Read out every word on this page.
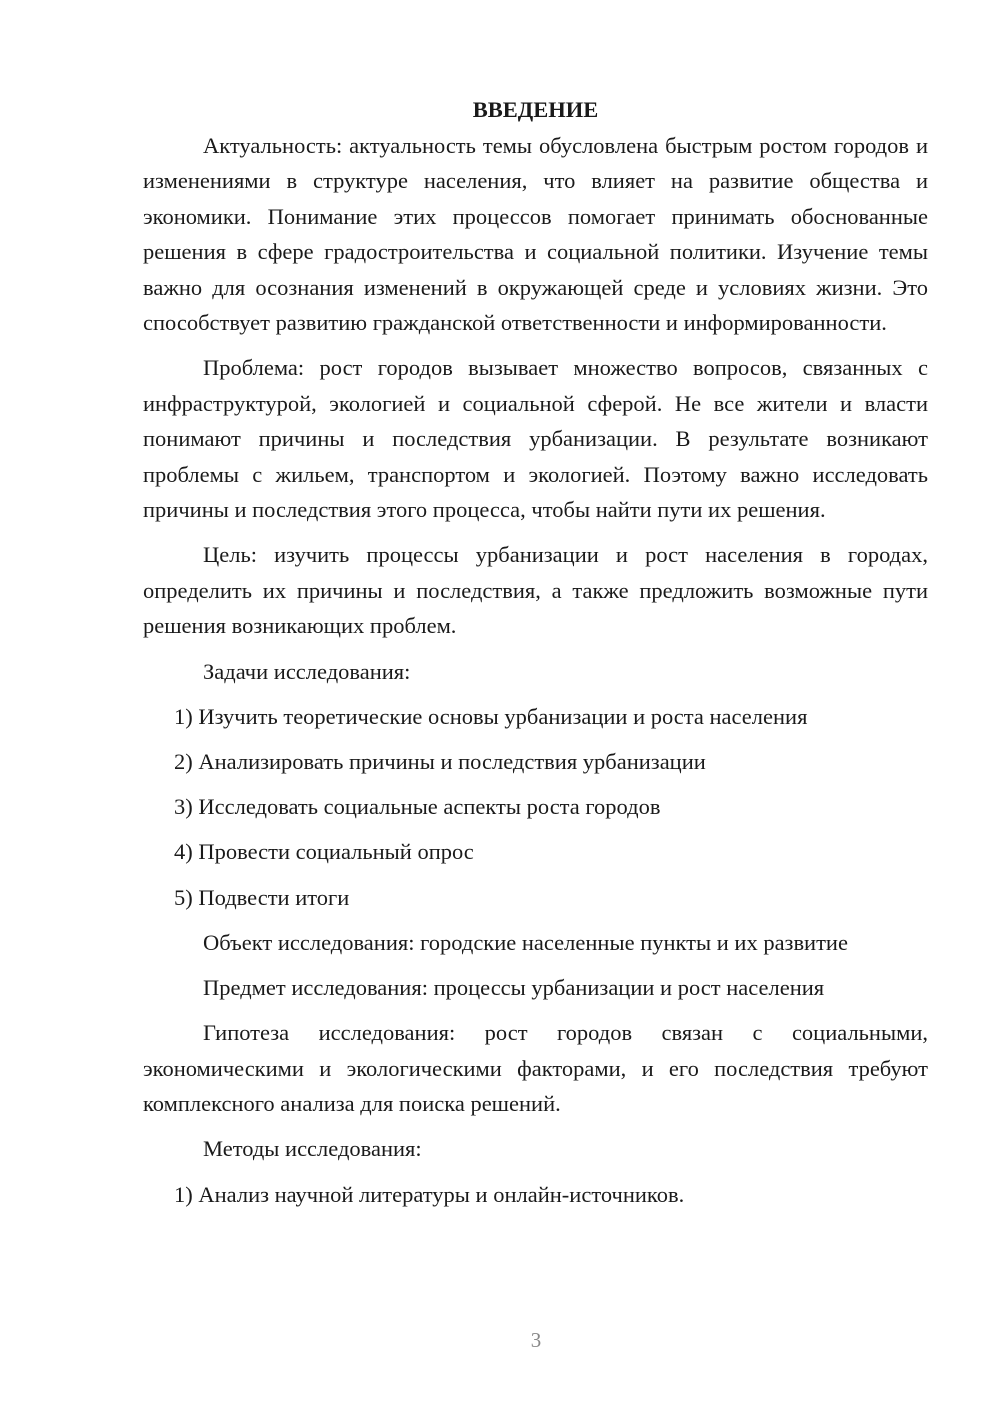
ВВЕДЕНИЕ

Актуальность: актуальность темы обусловлена быстрым ростом городов и изменениями в структуре населения, что влияет на развитие общества и экономики. Понимание этих процессов помогает принимать обоснованные решения в сфере градостроительства и социальной политики. Изучение темы важно для осознания изменений в окружающей среде и условиях жизни. Это способствует развитию гражданской ответственности и информированности.

Проблема: рост городов вызывает множество вопросов, связанных с инфраструктурой, экологией и социальной сферой. Не все жители и власти понимают причины и последствия урбанизации. В результате возникают проблемы с жильем, транспортом и экологией. Поэтому важно исследовать причины и последствия этого процесса, чтобы найти пути их решения.

Цель: изучить процессы урбанизации и рост населения в городах, определить их причины и последствия, а также предложить возможные пути решения возникающих проблем.

Задачи исследования:
1) Изучить теоретические основы урбанизации и роста населения
2) Анализировать причины и последствия урбанизации
3) Исследовать социальные аспекты роста городов
4) Провести социальный опрос
5) Подвести итоги
Объект исследования: городские населенные пункты и их развитие
Предмет исследования: процессы урбанизации и рост населения

Гипотеза исследования: рост городов связан с социальными, экономическими и экологическими факторами, и его последствия требуют комплексного анализа для поиска решений.

Методы исследования:
1) Анализ научной литературы и онлайн-источников.
3
